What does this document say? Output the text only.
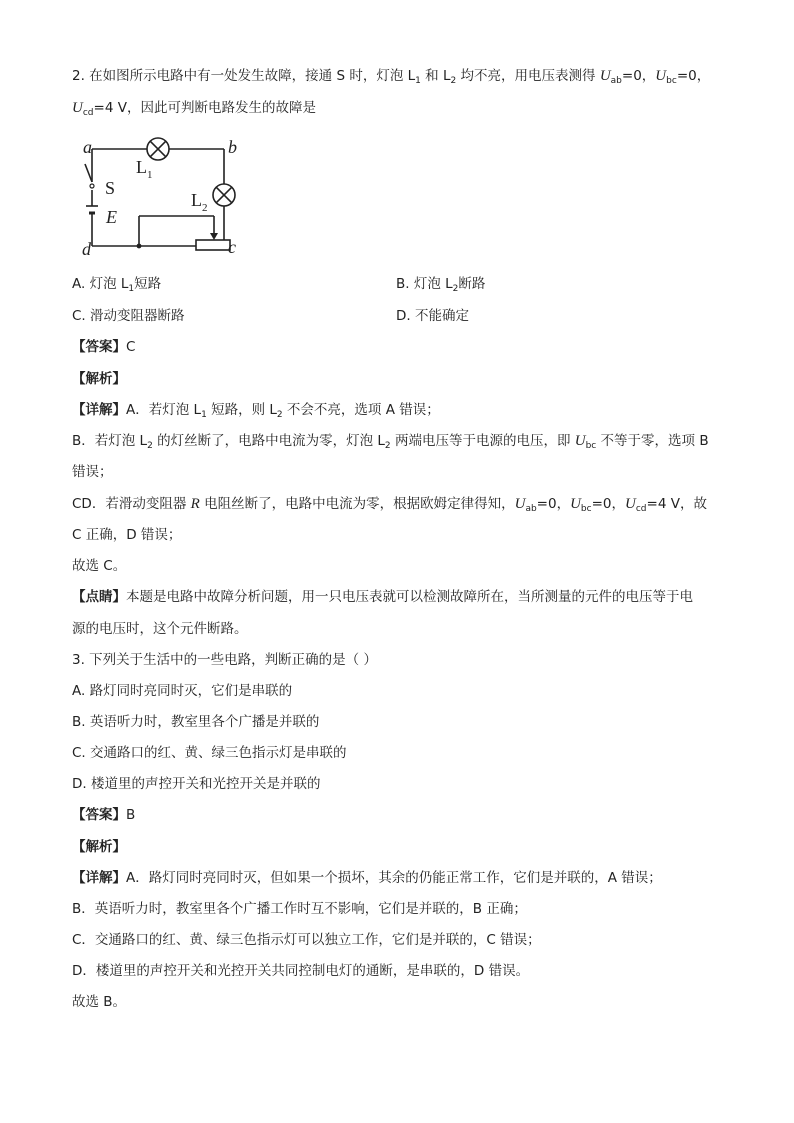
2. 在如图所示电路中有一处发生故障，接通 S 时，灯泡 $L_1$ 和 $L_2$ 均不亮，用电压表测得 $U_{ab}=0$，$U_{bc}=0$，
$U_{cd}=4$ V，因此可判断电路发生的故障是
a	b
c
d
S
E
L 1
L 2
A. 灯泡 $L_1$短路	B. 灯泡 $L_2$断路
C. 滑动变阻器断路	D. 不能确定
【答案】C
【解析】
【详解】A．若灯泡 $L_1$ 短路，则 $L_2$ 不会不亮，选项 A 错误；
B．若灯泡 $L_2$ 的灯丝断了，电路中电流为零，灯泡 $L_2$ 两端电压等于电源的电压，即 $U_{bc}$ 不等于零，选项 B
错误；
CD．若滑动变阻器 R 电阻丝断了，电路中电流为零，根据欧姆定律得知，$U_{ab}=0$，$U_{bc}=0$，$U_{cd}=4$ V，故
C 正确，D 错误；
故选 C。
【点睛】本题是电路中故障分析问题，用一只电压表就可以检测故障所在，当所测量的元件的电压等于电
源的电压时，这个元件断路。
3. 下列关于生活中的一些电路，判断正确的是（ ）
A. 路灯同时亮同时灭，它们是串联的
B. 英语听力时，教室里各个广播是并联的
C. 交通路口的红、黄、绿三色指示灯是串联的
D. 楼道里的声控开关和光控开关是并联的
【答案】B
【解析】
【详解】A．路灯同时亮同时灭，但如果一个损坏，其余的仍能正常工作，它们是并联的，A 错误；
B．英语听力时，教室里各个广播工作时互不影响，它们是并联的，B 正确；
C．交通路口的红、黄、绿三色指示灯可以独立工作，它们是并联的，C 错误；
D．楼道里的声控开关和光控开关共同控制电灯的通断，是串联的，D 错误。
故选 B。
